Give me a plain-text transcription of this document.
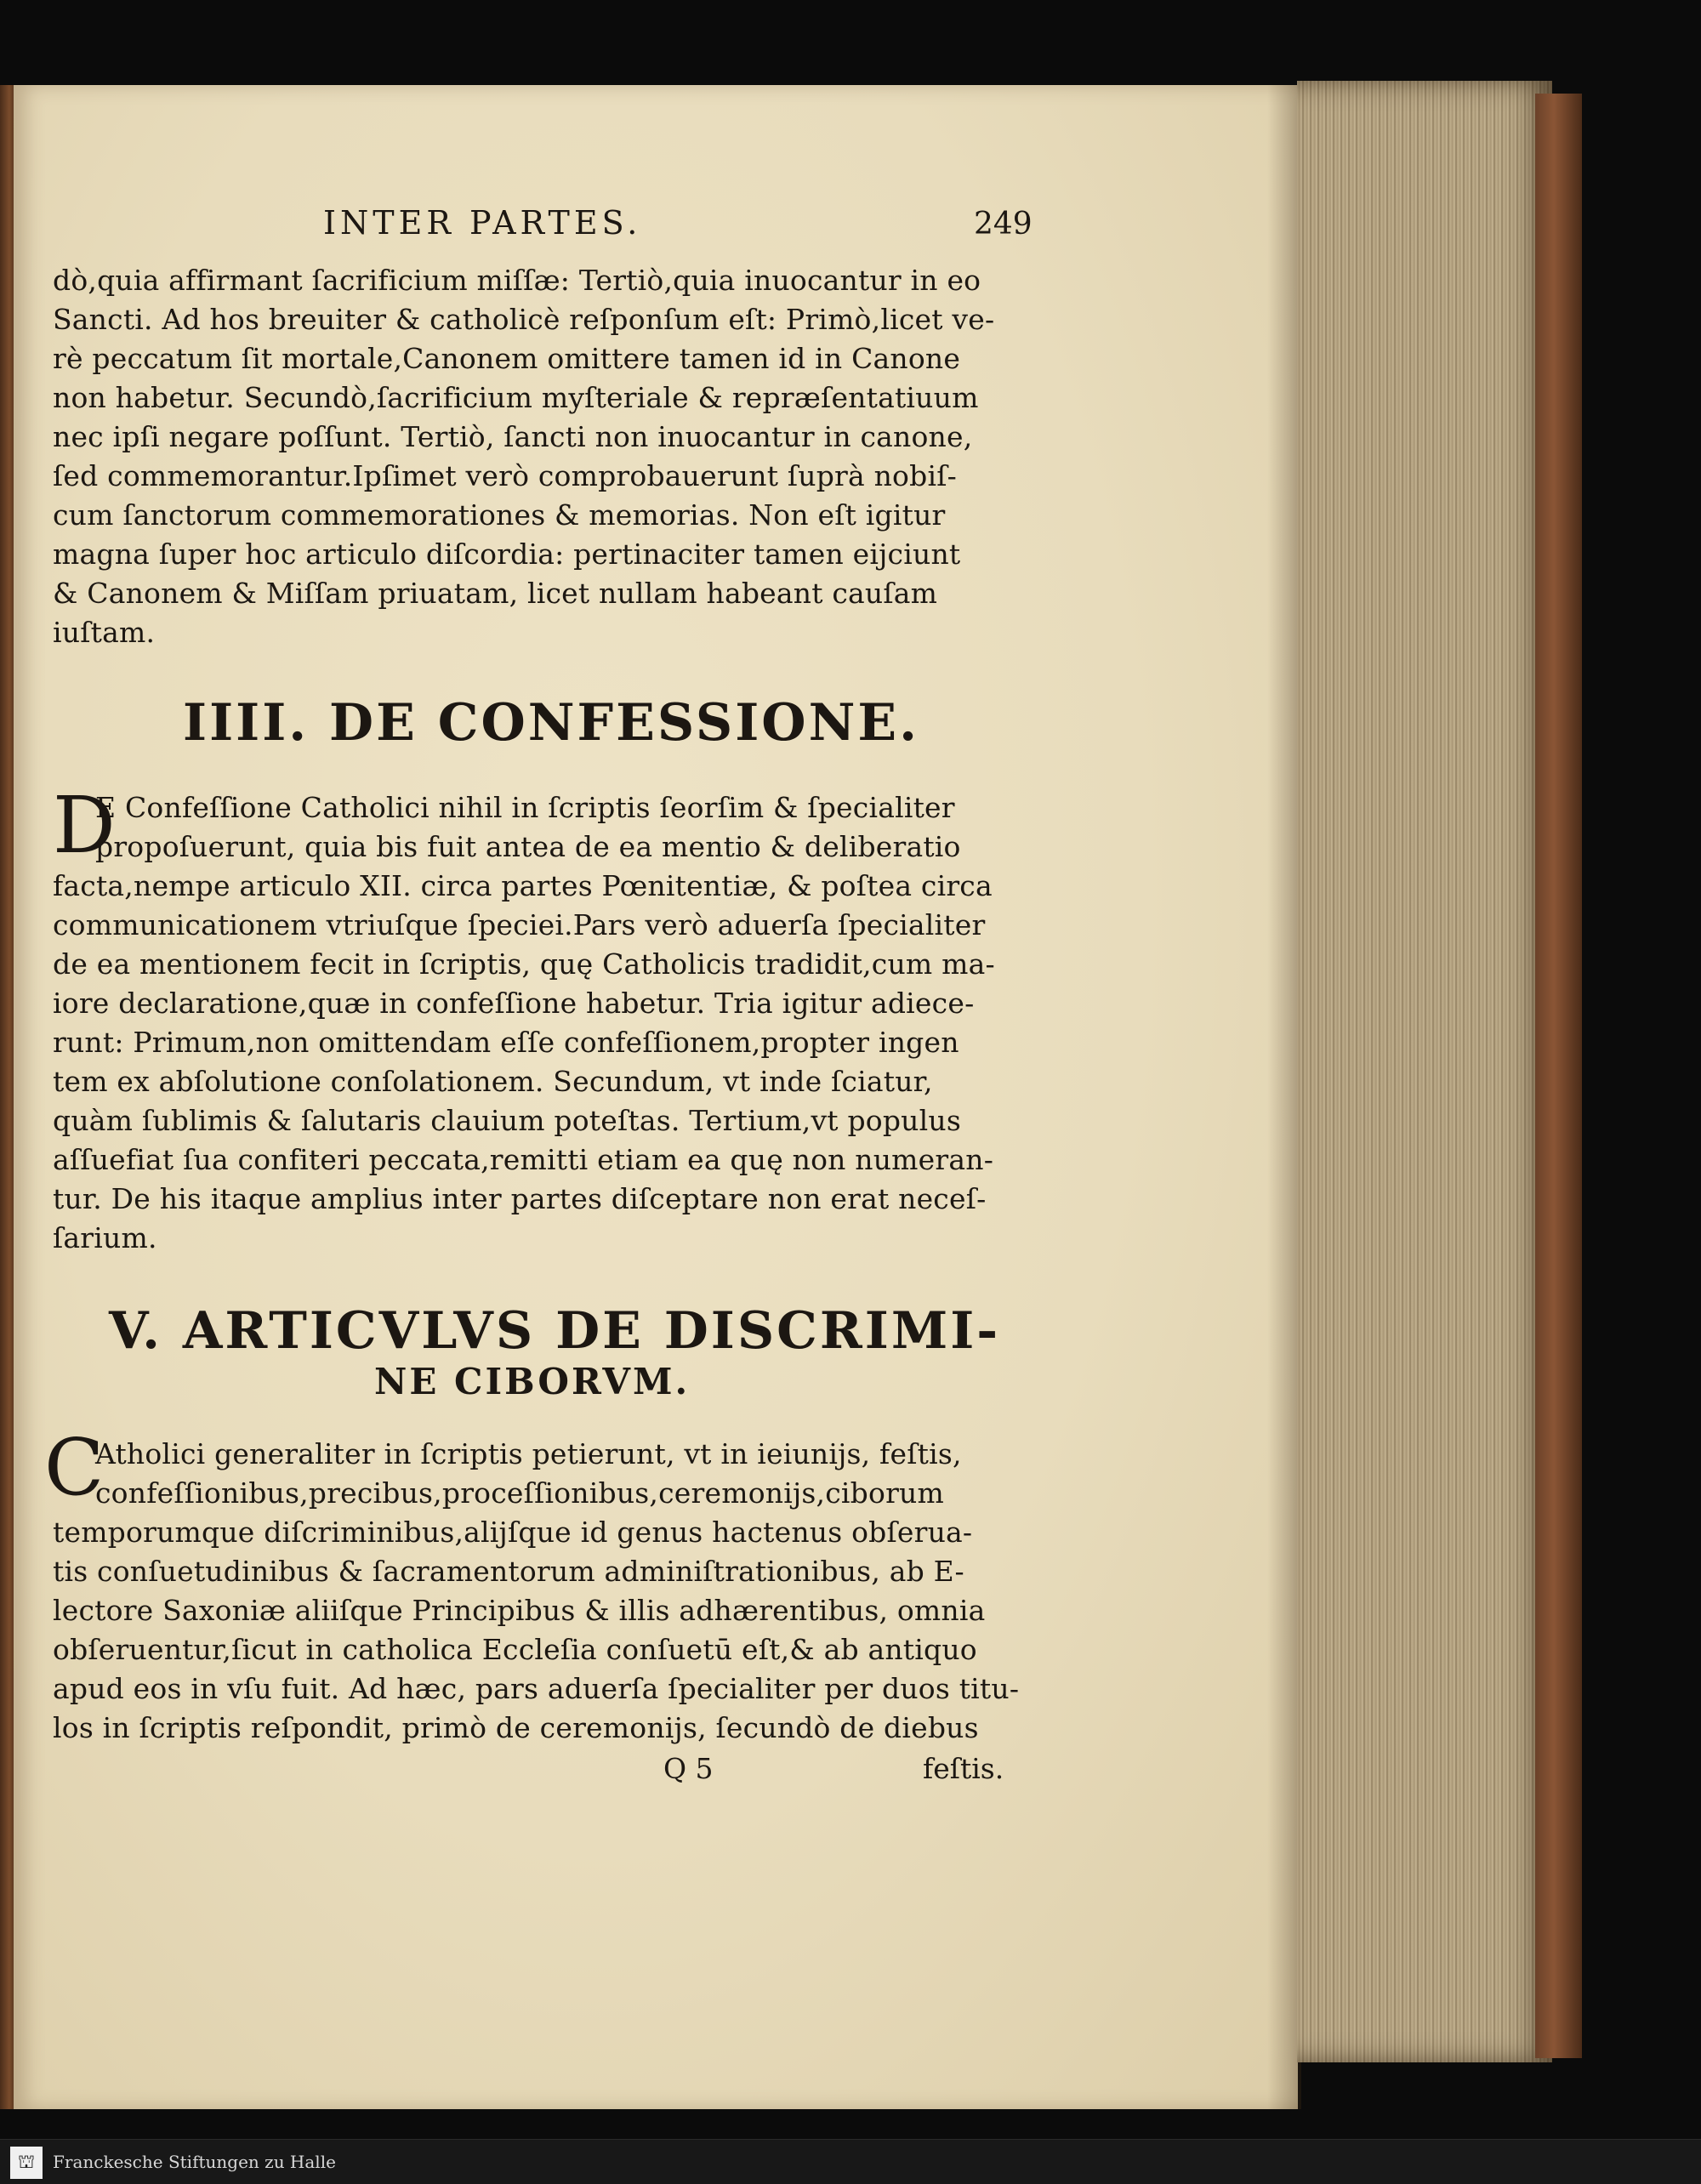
INTER PARTES.	249
dò,quia affirmant ſacrificium miſſæ: Tertiò,quia inuocantur in eo
Sancti. Ad hos breuiter & catholicè reſponſum eſt: Primò,licet ve-
rè peccatum ſit mortale,Canonem omittere tamen id in Canone
non habetur. Secundò,ſacrificium myſteriale & repræſentatiuum
nec ipſi negare poſſunt. Tertiò, ſancti non inuocantur in canone,
ſed commemorantur.Ipſimet verò comprobauerunt ſuprà nobiſ-
cum ſanctorum commemorationes & memorias. Non eſt igitur
magna ſuper hoc articulo diſcordia: pertinaciter tamen eijciunt
& Canonem & Miſſam priuatam, licet nullam habeant cauſam
iuſtam.
IIII. DE CONFESSIONE.
D
E Confeſſione Catholici nihil in ſcriptis ſeorſim & ſpecialiter
propoſuerunt, quia bis fuit antea de ea mentio & deliberatio
facta,nempe articulo XII. circa partes Pœnitentiæ, & poſtea circa
communicationem vtriuſque ſpeciei.Pars verò aduerſa ſpecialiter
de ea mentionem fecit in ſcriptis, quę Catholicis tradidit,cum ma-
iore declaratione,quæ in confeſſione habetur. Tria igitur adiece-
runt: Primum,non omittendam eſſe confeſſionem,propter ingen
tem ex abſolutione conſolationem. Secundum, vt inde ſciatur,
quàm ſublimis & ſalutaris clauium poteſtas. Tertium,vt populus
aſſuefiat ſua confiteri peccata,remitti etiam ea quę non numeran-
tur. De his itaque amplius inter partes diſceptare non erat neceſ-
ſarium.
V. ARTICVLVS DE DISCRIMI-
NE CIBORVM.
C
Atholici generaliter in ſcriptis petierunt, vt in ieiunijs, feſtis,
confeſſionibus,precibus,proceſſionibus,ceremonijs,ciborum
temporumque diſcriminibus,alijſque id genus hactenus obſerua-
tis conſuetudinibus & ſacramentorum adminiſtrationibus, ab E-
lectore Saxoniæ aliiſque Principibus & illis adhærentibus, omnia
obſeruentur,ſicut in catholica Eccleſia conſuetū eſt,& ab antiquo
apud eos in vſu fuit. Ad hæc, pars aduerſa ſpecialiter per duos titu-
los in ſcriptis reſpondit, primò de ceremonijs, ſecundò de diebus
Q 5	feſtis.
⛫ Franckesche Stiftungen zu Halle
